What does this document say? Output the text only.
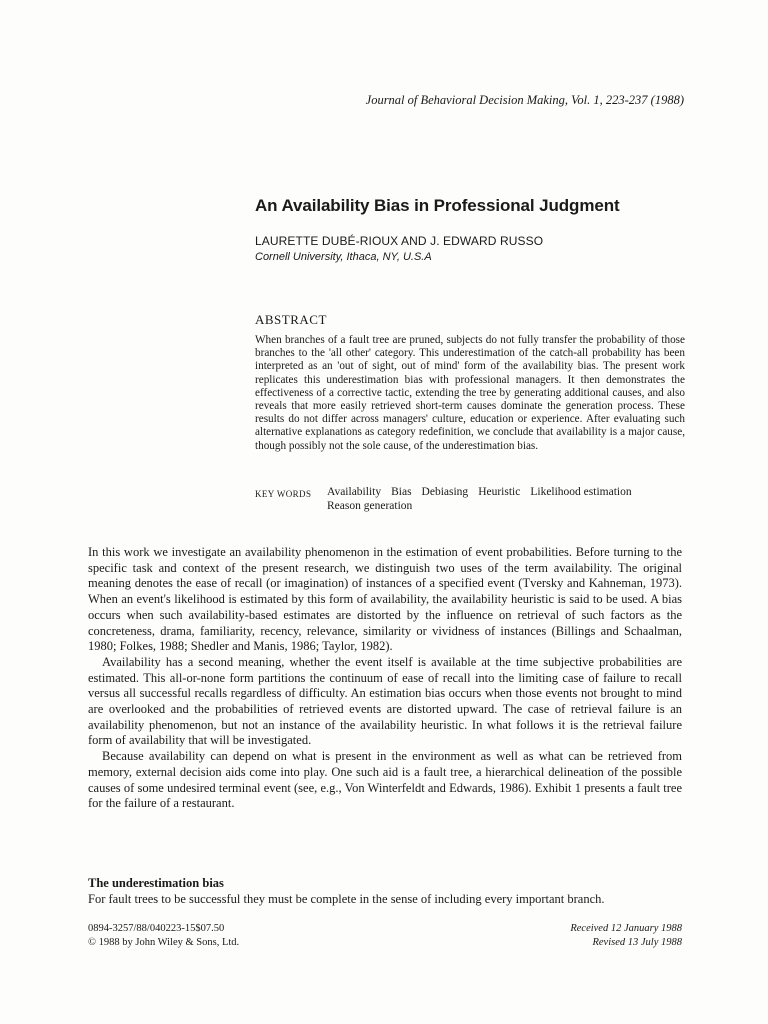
Journal of Behavioral Decision Making, Vol. 1, 223-237 (1988)
An Availability Bias in Professional Judgment
LAURETTE DUBÉ-RIOUX AND J. EDWARD RUSSO
Cornell University, Ithaca, NY, U.S.A
ABSTRACT

When branches of a fault tree are pruned, subjects do not fully transfer the probability of those branches to the 'all other' category. This underestimation of the catch-all probability has been interpreted as an 'out of sight, out of mind' form of the availability bias. The present work replicates this underestimation bias with professional managers. It then demonstrates the effectiveness of a corrective tactic, extending the tree by generating additional causes, and also reveals that more easily retrieved short-term causes dominate the generation process. These results do not differ across managers' culture, education or experience. After evaluating such alternative explanations as category redefinition, we conclude that availability is a major cause, though possibly not the sole cause, of the underestimation bias.

KEY WORDS	Availability Bias Debiasing Heuristic Likelihood estimation
Reason generation

In this work we investigate an availability phenomenon in the estimation of event probabilities. Before turning to the specific task and context of the present research, we distinguish two uses of the term availability. The original meaning denotes the ease of recall (or imagination) of instances of a specified event (Tversky and Kahneman, 1973). When an event's likelihood is estimated by this form of availability, the availability heuristic is said to be used. A bias occurs when such availability-based estimates are distorted by the influence on retrieval of such factors as the concreteness, drama, familiarity, recency, relevance, similarity or vividness of instances (Billings and Schaalman, 1980; Folkes, 1988; Shedler and Manis, 1986; Taylor, 1982).

Availability has a second meaning, whether the event itself is available at the time subjective probabilities are estimated. This all-or-none form partitions the continuum of ease of recall into the limiting case of failure to recall versus all successful recalls regardless of difficulty. An estimation bias occurs when those events not brought to mind are overlooked and the probabilities of retrieved events are distorted upward. The case of retrieval failure is an availability phenomenon, but not an instance of the availability heuristic. In what follows it is the retrieval failure form of availability that will be investigated.

Because availability can depend on what is present in the environment as well as what can be retrieved from memory, external decision aids come into play. One such aid is a fault tree, a hierarchical delineation of the possible causes of some undesired terminal event (see, e.g., Von Winterfeldt and Edwards, 1986). Exhibit 1 presents a fault tree for the failure of a restaurant.

The underestimation bias
For fault trees to be successful they must be complete in the sense of including every important branch.
0894-3257/88/040223-15$07.50
© 1988 by John Wiley & Sons, Ltd.
Received 12 January 1988
Revised 13 July 1988
